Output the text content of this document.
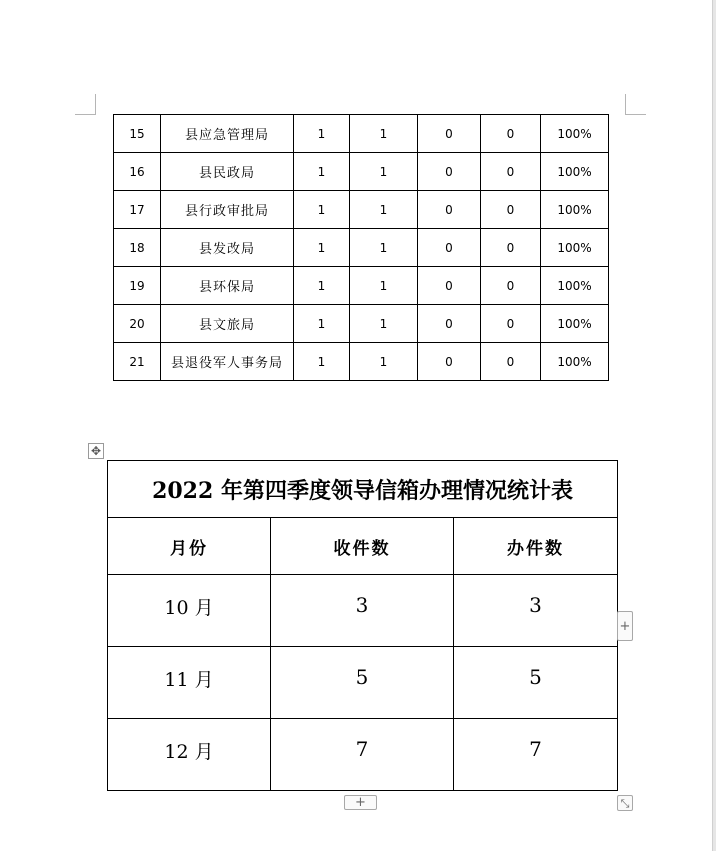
15	县应急管理局	1	1	0	0	100%
16	县民政局	1	1	0	0	100%
17	县行政审批局	1	1	0	0	100%
18	县发改局	1	1	0	0	100%
19	县环保局	1	1	0	0	100%
20	县文旅局	1	1	0	0	100%
21	县退役军人事务局	1	1	0	0	100%
✥
2022 年第四季度领导信箱办理情况统计表		
月份	收件数	办件数
10 月	3	3
11 月	5	5
12 月	7	7
+
+	⤡
